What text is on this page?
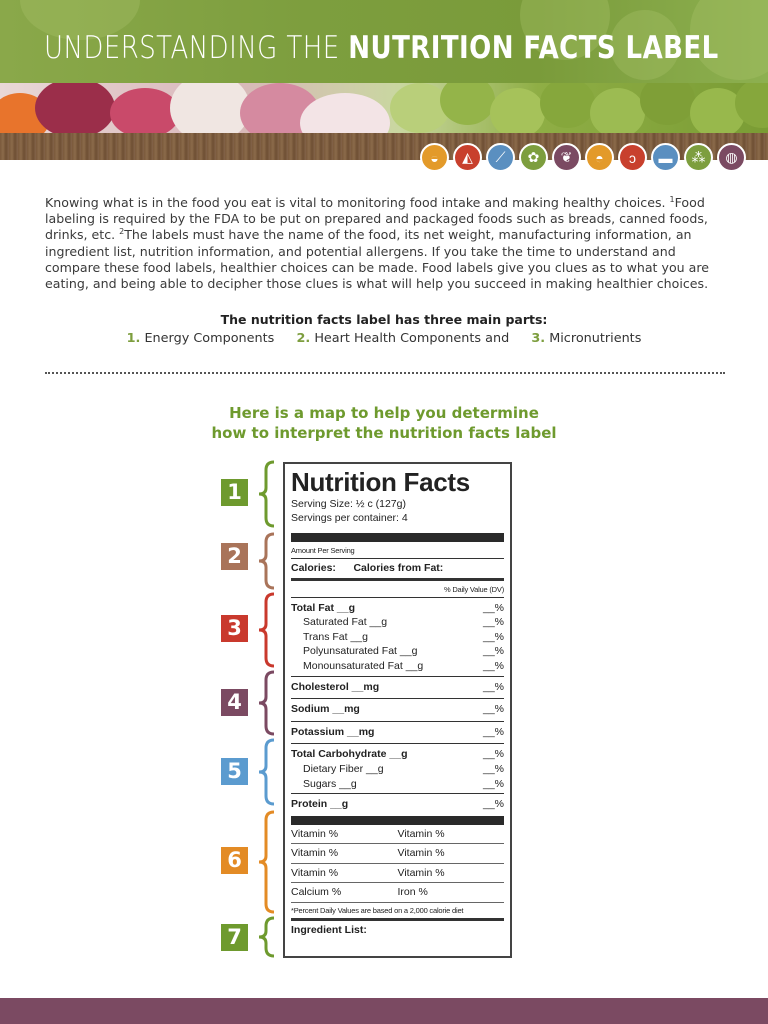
UNDERSTANDING THE NUTRITION FACTS LABEL
◒	◭	⟋	✿	❦	◓	ↄ	▬	⁂	◍
Knowing what is in the food you eat is vital to monitoring food intake and making healthy choices. $^1$Food labeling is required by the FDA to be put on prepared and packaged foods such as breads, canned foods, drinks, etc. $^2$The labels must have the name of the food, its net weight, manufacturing information, an ingredient list, nutrition information, and potential allergens. If you take the time to understand and compare these food labels, healthier choices can be made. Food labels give you clues as to what you are eating, and being able to decipher those clues is what will help you succeed in making healthier choices.
The nutrition facts label has three main parts:
1. Energy Components 2. Heart Health Components and 3. Micronutrients
Here is a map to help you determine
how to interpret the nutrition facts label
1
2
3
4
5
6
7
Nutrition Facts
Serving Size: ½ c (127g)
Servings per container: 4
Amount Per Serving
Calories: Calories from Fat:
% Daily Value (DV)
Total Fat __g	__%
Saturated Fat __g	__%
Trans Fat __g	__%
Polyunsaturated Fat __g	__%
Monounsaturated Fat __g	__%
Cholesterol __mg	__%
Sodium __mg	__%
Potassium __mg	__%
Total Carbohydrate __g	__%
Dietary Fiber __g	__%
Sugars __g	__%
Protein __g	__%
Vitamin %	Vitamin %
Vitamin %	Vitamin %
Vitamin %	Vitamin %
Calcium %	Iron %
*Percent Daily Values are based on a 2,000 calorie diet
Ingredient List:
